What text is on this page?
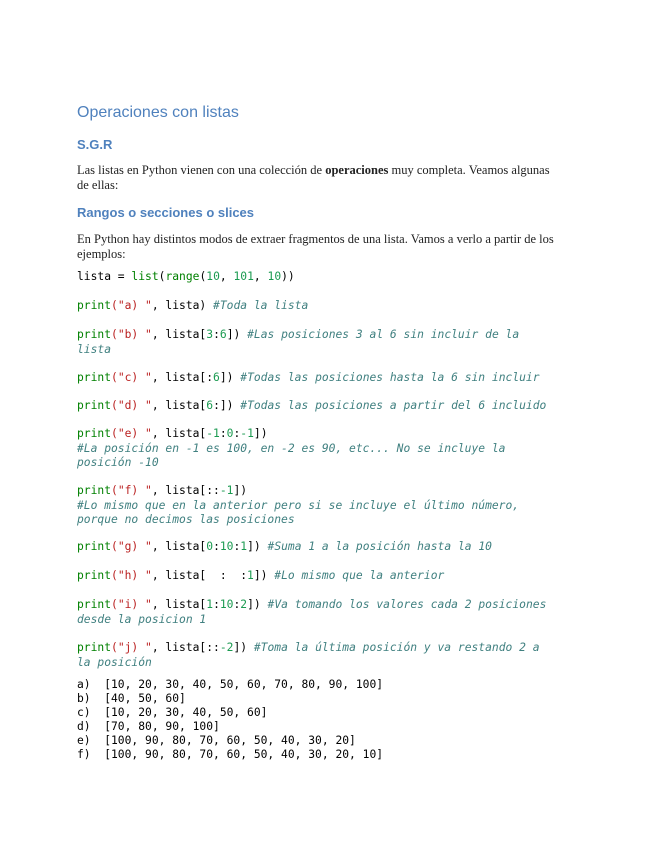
Operaciones con listas
S.G.R

Las listas en Python vienen con una colección de operaciones muy completa. Veamos algunas de ellas:

Rangos o secciones o slices

En Python hay distintos modos de extraer fragmentos de una lista. Vamos a verlo a partir de los ejemplos:

lista = list(range(10, 101, 10))
print("a) ", lista) #Toda la lista
print("b) ", lista[3:6]) #Las posiciones 3 al 6 sin incluir de la
lista
print("c) ", lista[:6]) #Todas las posiciones hasta la 6 sin incluir
print("d) ", lista[6:]) #Todas las posiciones a partir del 6 incluido
print("e) ", lista[-1:0:-1])
#La posición en -1 es 100, en -2 es 90, etc... No se incluye la
posición -10
print("f) ", lista[::-1])
#Lo mismo que en la anterior pero si se incluye el último número,
porque no decimos las posiciones
print("g) ", lista[0:10:1]) #Suma 1 a la posición hasta la 10
print("h) ", lista[  :  :1]) #Lo mismo que la anterior
print("i) ", lista[1:10:2]) #Va tomando los valores cada 2 posiciones
desde la posicion 1
print("j) ", lista[::-2]) #Toma la última posición y va restando 2 a
la posición
a)  [10, 20, 30, 40, 50, 60, 70, 80, 90, 100]
b)  [40, 50, 60]
c)  [10, 20, 30, 40, 50, 60]
d)  [70, 80, 90, 100]
e)  [100, 90, 80, 70, 60, 50, 40, 30, 20]
f)  [100, 90, 80, 70, 60, 50, 40, 30, 20, 10]
